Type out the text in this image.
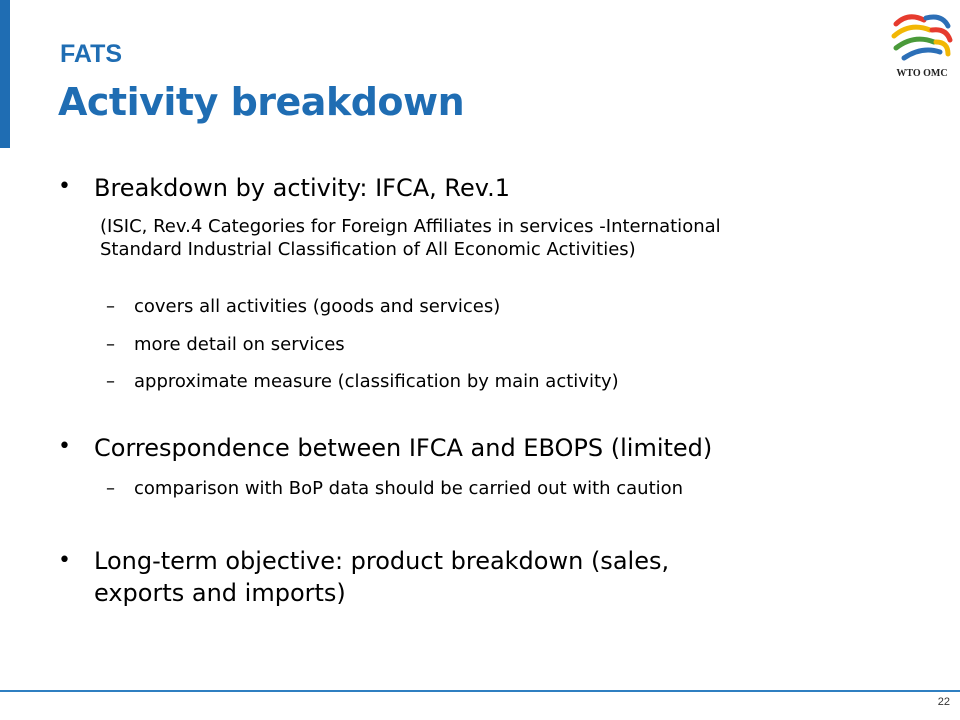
FATS
Activity breakdown
WTO OMC
• Breakdown by activity: IFCA, Rev.1
(ISIC, Rev.4 Categories for Foreign Affiliates in services -International
Standard Industrial Classification of All Economic Activities)
– covers all activities (goods and services)
– more detail on services
– approximate measure (classification by main activity)
• Correspondence between IFCA and EBOPS (limited)
– comparison with BoP data should be carried out with caution
• Long-term objective: product breakdown (sales,
exports and imports)
22
